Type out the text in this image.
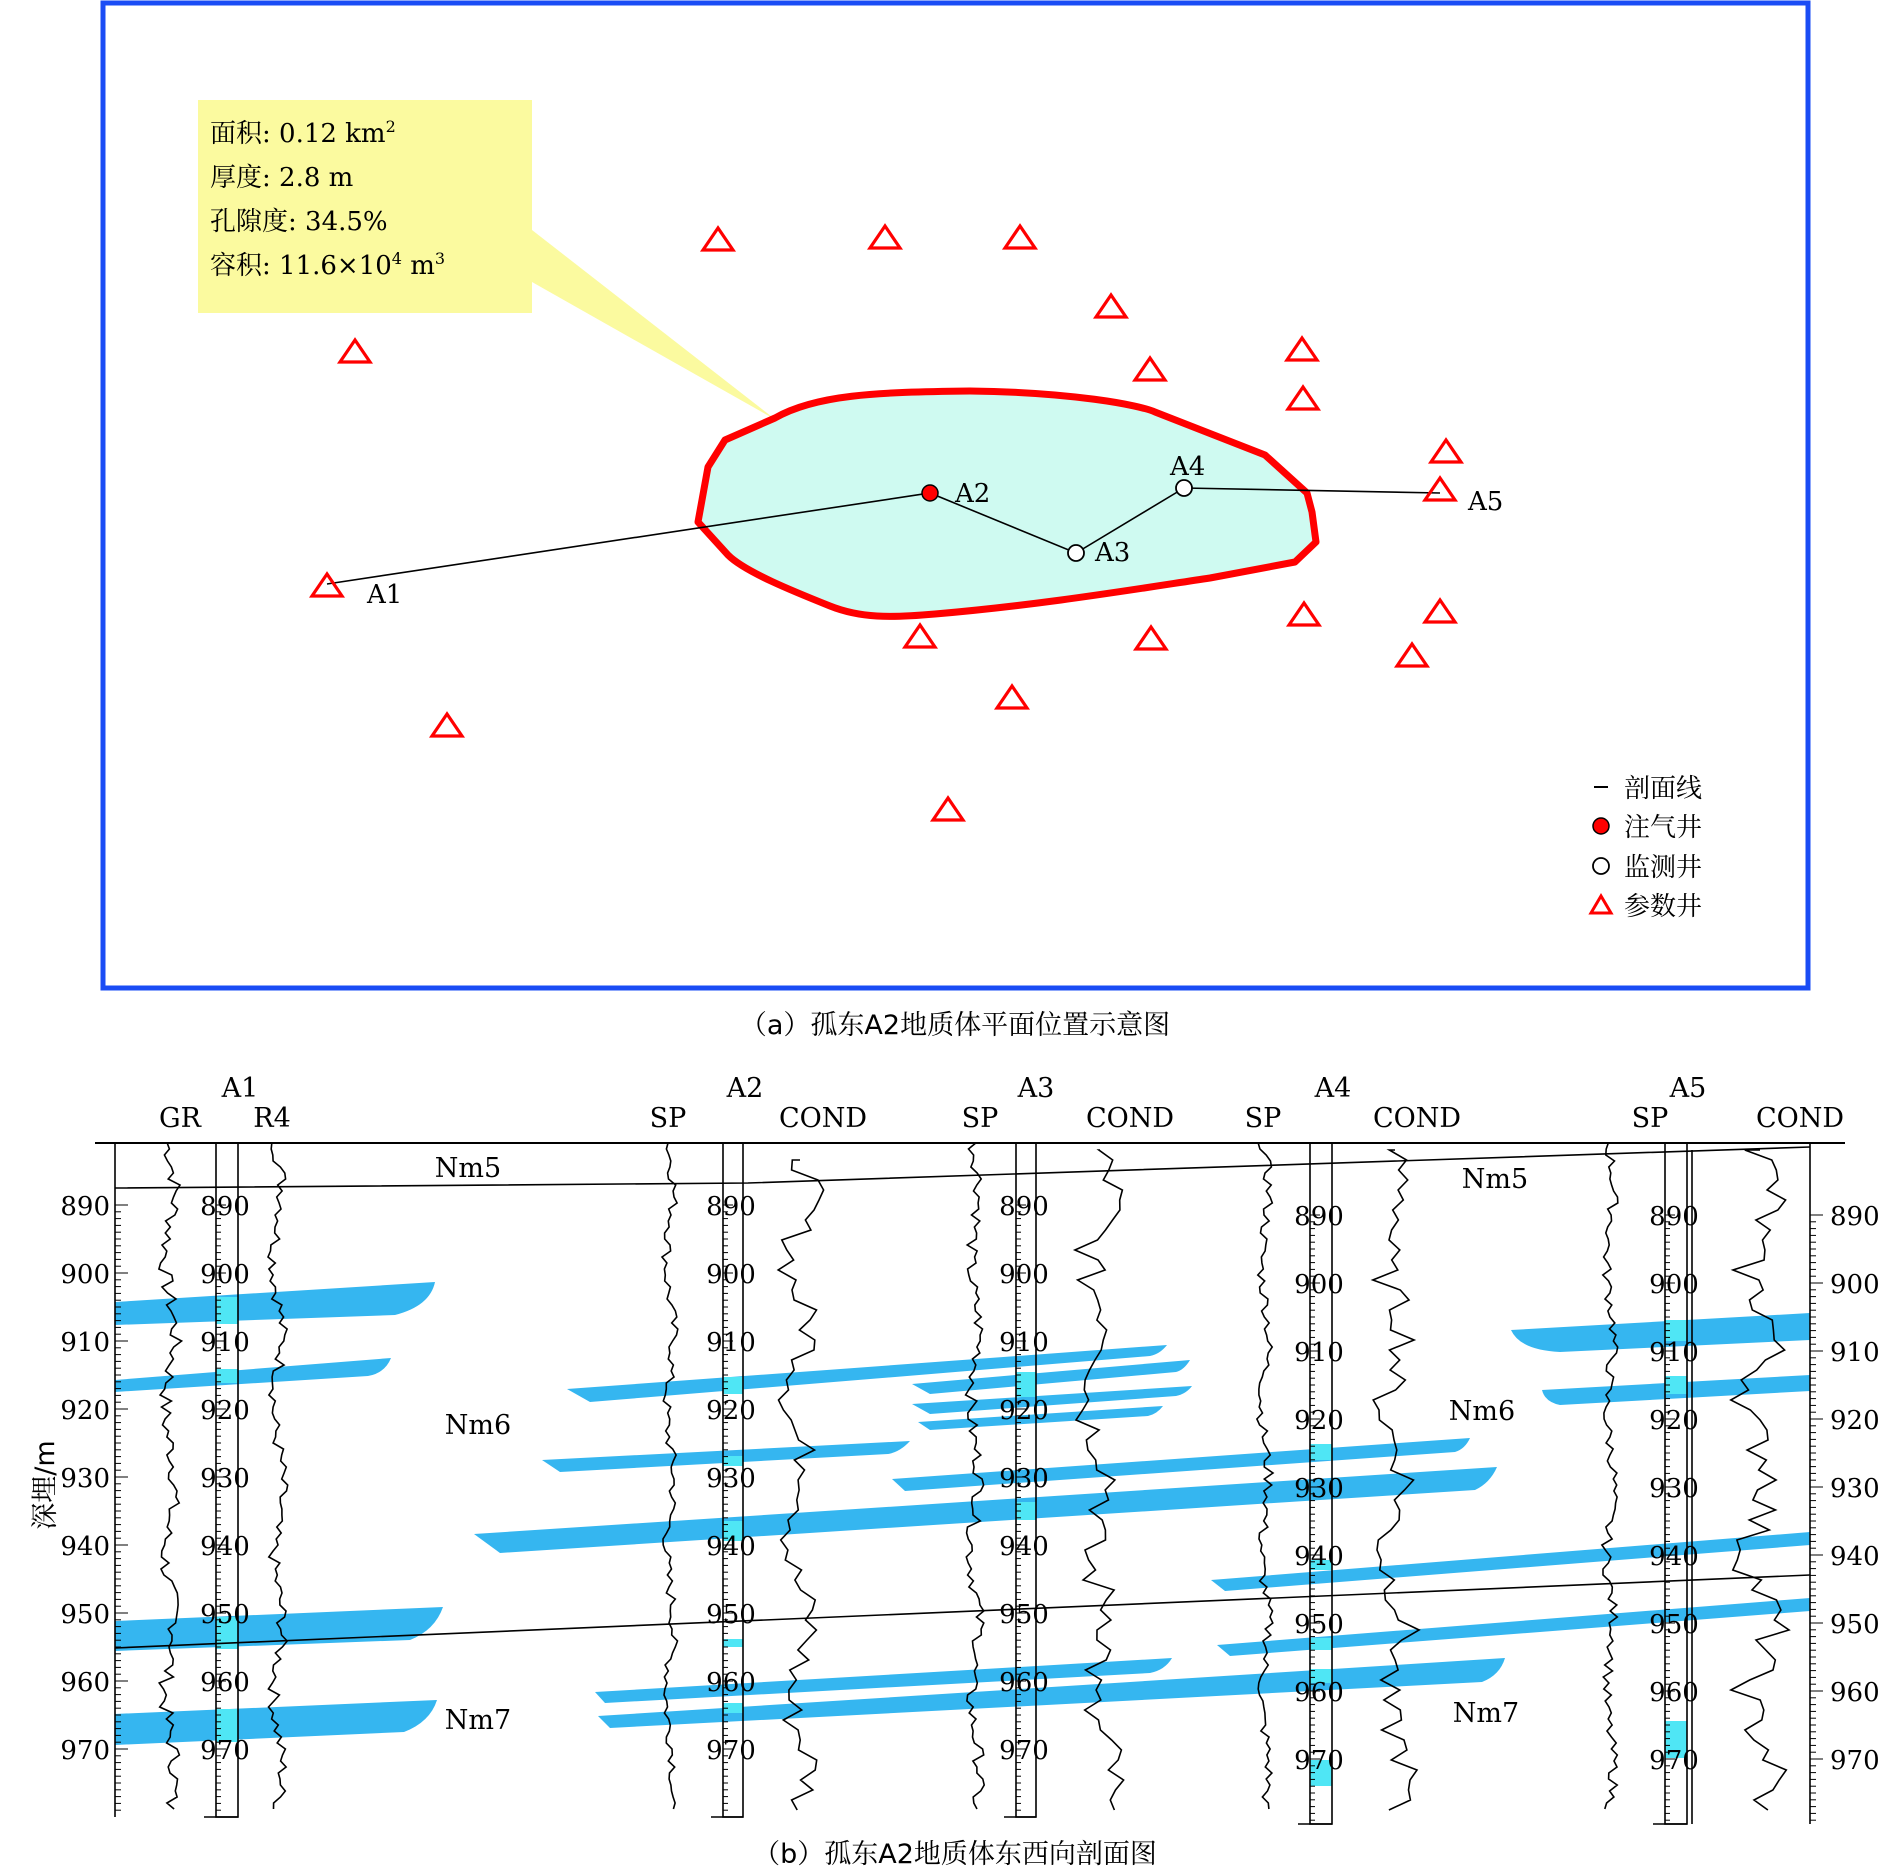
面积: 0.12 $km^2$
厚度: 2.8 m
孔隙度: 34.5%
容积: $11.6\times 10^4$ $m^3$
A1
A2
A3
A4
A5
剖面线
注气井
监测井
参数井
（a）孤东A2地质体平面位置示意图
890
900
910
920
930
940
950
960
970
890
900
910
920
930
940
950
960
970
890
900
910
920
930
940
950
960
970
890
900
910
920
930
940
950
960
970
890
900
910
920
930
940
950
960
970
890
900
910
920
930
940
950
960
970
890
900
910
920
930
940
950
960
970
A1
GR R4
A2
SP	COND
A3
SP	COND
A4
SP	COND
A5
SP	COND
Nm5	Nm5
Nm6	Nm6
Nm7	Nm7
深埋/m
（b）孤东A2地质体东西向剖面图
